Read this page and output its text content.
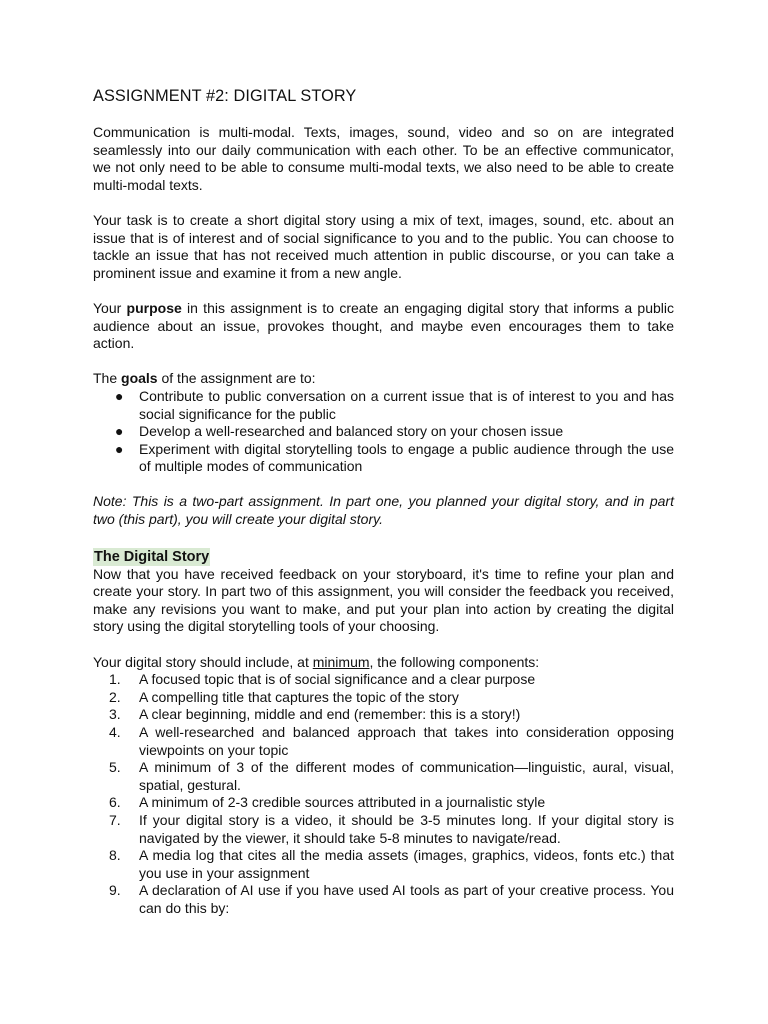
ASSIGNMENT #2: DIGITAL STORY

Communication is multi-modal. Texts, images, sound, video and so on are integrated seamlessly into our daily communication with each other. To be an effective communicator, we not only need to be able to consume multi-modal texts, we also need to be able to create multi-modal texts.

Your task is to create a short digital story using a mix of text, images, sound, etc. about an issue that is of interest and of social significance to you and to the public. You can choose to tackle an issue that has not received much attention in public discourse, or you can take a prominent issue and examine it from a new angle.

Your purpose in this assignment is to create an engaging digital story that informs a public audience about an issue, provokes thought, and maybe even encourages them to take action.

The goals of the assignment are to:

● Contribute to public conversation on a current issue that is of interest to you and has social significance for the public
● Develop a well-researched and balanced story on your chosen issue
● Experiment with digital storytelling tools to engage a public audience through the use of multiple modes of communication

Note: This is a two-part assignment. In part one, you planned your digital story, and in part two (this part), you will create your digital story.

The Digital Story

Now that you have received feedback on your storyboard, it's time to refine your plan and create your story. In part two of this assignment, you will consider the feedback you received, make any revisions you want to make, and put your plan into action by creating the digital story using the digital storytelling tools of your choosing.

Your digital story should include, at minimum, the following components:

1.	A focused topic that is of social significance and a clear purpose
2.	A compelling title that captures the topic of the story
3.	A clear beginning, middle and end (remember: this is a story!)
4.	A well-researched and balanced approach that takes into consideration opposing viewpoints on your topic
5.	A minimum of 3 of the different modes of communication—linguistic, aural, visual, spatial, gestural.
6.	A minimum of 2-3 credible sources attributed in a journalistic style
7.	If your digital story is a video, it should be 3-5 minutes long. If your digital story is navigated by the viewer, it should take 5-8 minutes to navigate/read.
8.	A media log that cites all the media assets (images, graphics, videos, fonts etc.) that you use in your assignment
9.	A declaration of AI use if you have used AI tools as part of your creative process. You can do this by:
